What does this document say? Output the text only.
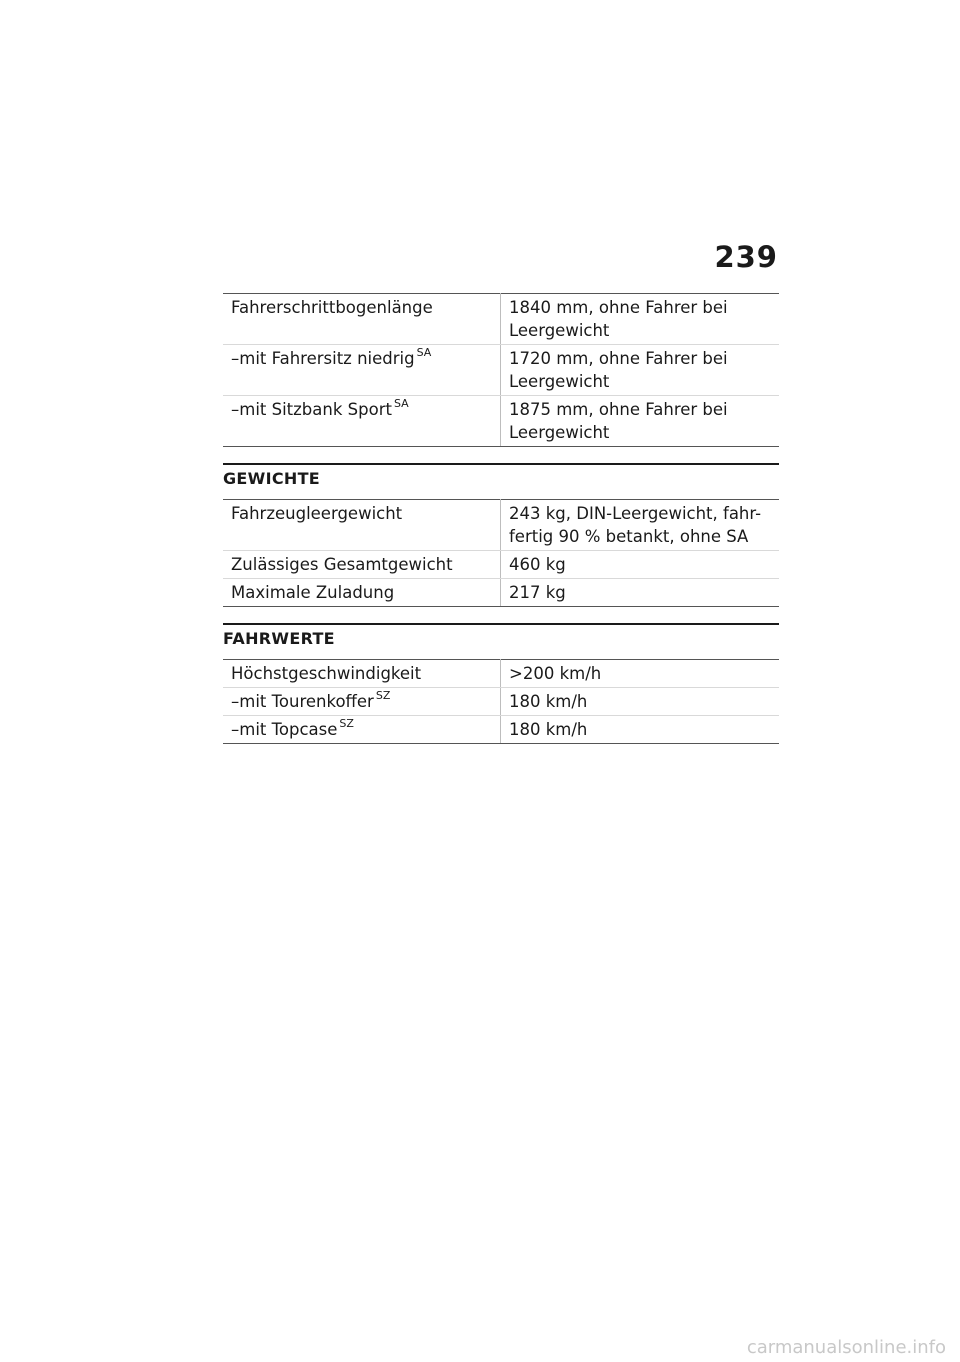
239
Fahrerschrittbogenlänge	1840 mm, ohne Fahrer bei Leergewicht
–mit Fahrersitz niedrig $^{SA}$	1720 mm, ohne Fahrer bei Leergewicht
–mit Sitzbank Sport $^{SA}$	1875 mm, ohne Fahrer bei Leergewicht
GEWICHTE
Fahrzeugleergewicht	243 kg, DIN-Leergewicht, fahr-fertig 90 % betankt, ohne SA
Zulässiges Gesamtgewicht	460 kg
Maximale Zuladung	217 kg
FAHRWERTE
Höchstgeschwindigkeit	>200 km/h
–mit Tourenkoffer $^{SZ}$	180 km/h
–mit Topcase $^{SZ}$	180 km/h
carmanualsonline.info
